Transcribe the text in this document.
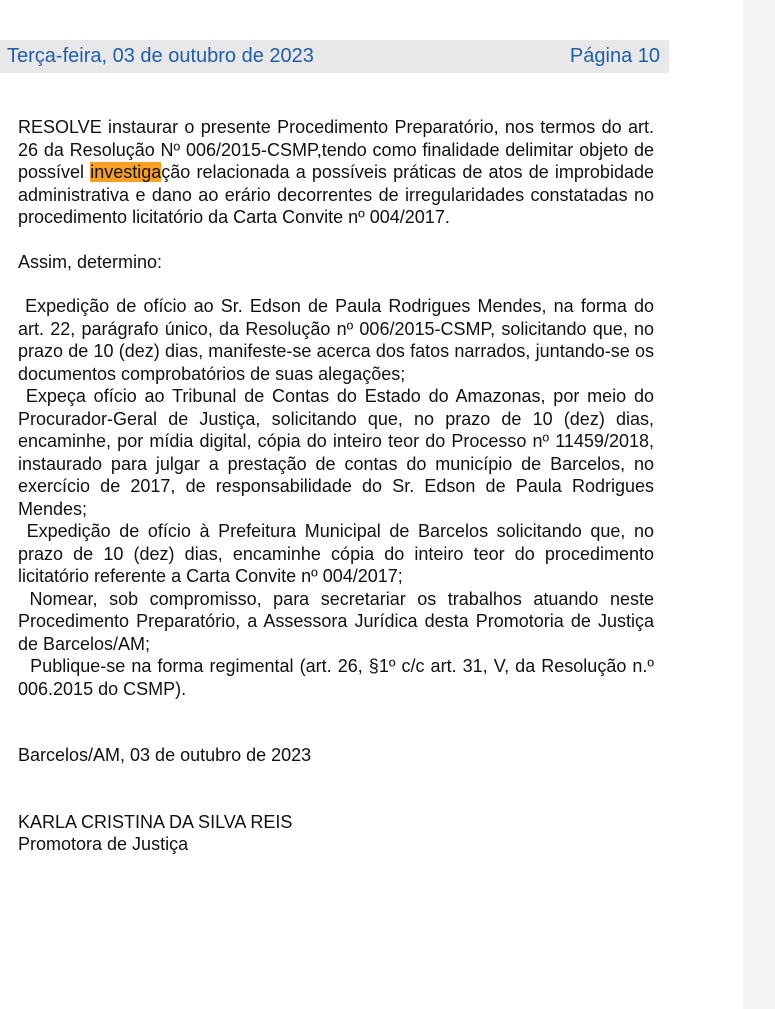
Terça-feira, 03 de outubro de 2023	Página 10

RESOLVE instaurar o presente Procedimento Preparatório, nos termos do art. 26 da Resolução Nº 006/2015-CSMP,tendo como finalidade delimitar objeto de possível investigação relacionada a possíveis práticas de atos de improbidade administrativa e dano ao erário decorrentes de irregularidades constatadas no procedimento licitatório da Carta Convite nº 004/2017.

Assim, determino:

Expedição de ofício ao Sr. Edson de Paula Rodrigues Mendes, na forma do art. 22, parágrafo único, da Resolução nº 006/2015-CSMP, solicitando que, no prazo de 10 (dez) dias, manifeste-se acerca dos fatos narrados, juntando-se os documentos comprobatórios de suas alegações;

Expeça ofício ao Tribunal de Contas do Estado do Amazonas, por meio do Procurador-Geral de Justiça, solicitando que, no prazo de 10 (dez) dias, encaminhe, por mídia digital, cópia do inteiro teor do Processo nº 11459/2018, instaurado para julgar a prestação de contas do município de Barcelos, no exercício de 2017, de responsabilidade do Sr. Edson de Paula Rodrigues Mendes;

Expedição de ofício à Prefeitura Municipal de Barcelos solicitando que, no prazo de 10 (dez) dias, encaminhe cópia do inteiro teor do procedimento licitatório referente a Carta Convite nº 004/2017;

Nomear, sob compromisso, para secretariar os trabalhos atuando neste Procedimento Preparatório, a Assessora Jurídica desta Promotoria de Justiça de Barcelos/AM;

Publique-se na forma regimental (art. 26, §1º c/c art. 31, V, da Resolução n.º 006.2015 do CSMP).

Barcelos/AM, 03 de outubro de 2023

KARLA CRISTINA DA SILVA REIS

Promotora de Justiça
